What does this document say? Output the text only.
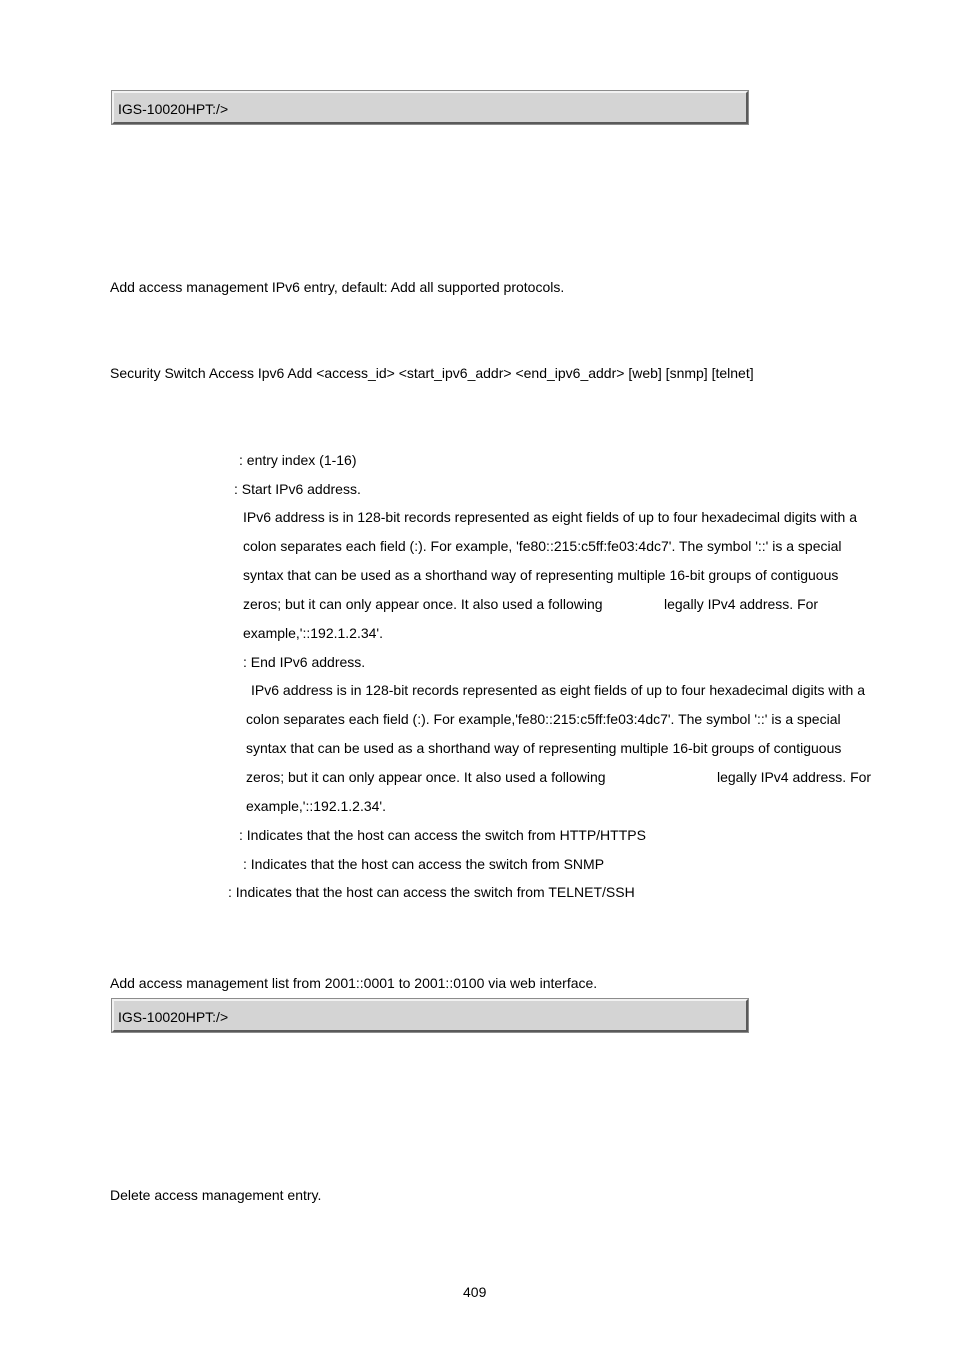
IGS-10020HPT:/>
Add access management IPv6 entry, default: Add all supported protocols.
Security Switch Access Ipv6 Add <access_id> <start_ipv6_addr> <end_ipv6_addr> [web] [snmp] [telnet]
: entry index (1-16)
: Start IPv6 address.
IPv6 address is in 128-bit records represented as eight fields of up to four hexadecimal digits with a
colon separates each field (:). For example, 'fe80::215:c5ff:fe03:4dc7'. The symbol '::' is a special
syntax that can be used as a shorthand way of representing multiple 16-bit groups of contiguous
zeros; but it can only appear once. It also used a following	legally IPv4 address. For
example,'::192.1.2.34'.
: End IPv6 address.
IPv6 address is in 128-bit records represented as eight fields of up to four hexadecimal digits with a
colon separates each field (:). For example,'fe80::215:c5ff:fe03:4dc7'. The symbol '::' is a special
syntax that can be used as a shorthand way of representing multiple 16-bit groups of contiguous
zeros; but it can only appear once. It also used a following	legally IPv4 address. For
example,'::192.1.2.34'.
: Indicates that the host can access the switch from HTTP/HTTPS
: Indicates that the host can access the switch from SNMP
: Indicates that the host can access the switch from TELNET/SSH
Add access management list from 2001::0001 to 2001::0100 via web interface.
IGS-10020HPT:/>
Delete access management entry.
409
